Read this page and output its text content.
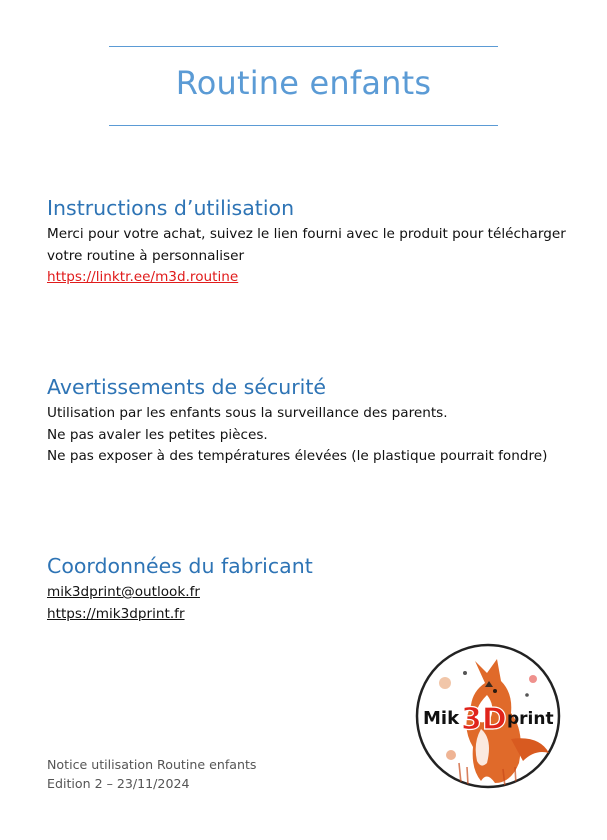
Routine enfants
Instructions d’utilisation
Merci pour votre achat, suivez le lien fourni avec le produit pour télécharger
votre routine à personnaliser
https://linktr.ee/m3d.routine
Avertissements de sécurité
Utilisation par les enfants sous la surveillance des parents.
Ne pas avaler les petites pièces.
Ne pas exposer à des températures élevées (le plastique pourrait fondre)
Coordonnées du fabricant
mik3dprint@outlook.fr
https://mik3dprint.fr
Notice utilisation Routine enfants
Edition 2 – 23/11/2024
Mik 3D print
